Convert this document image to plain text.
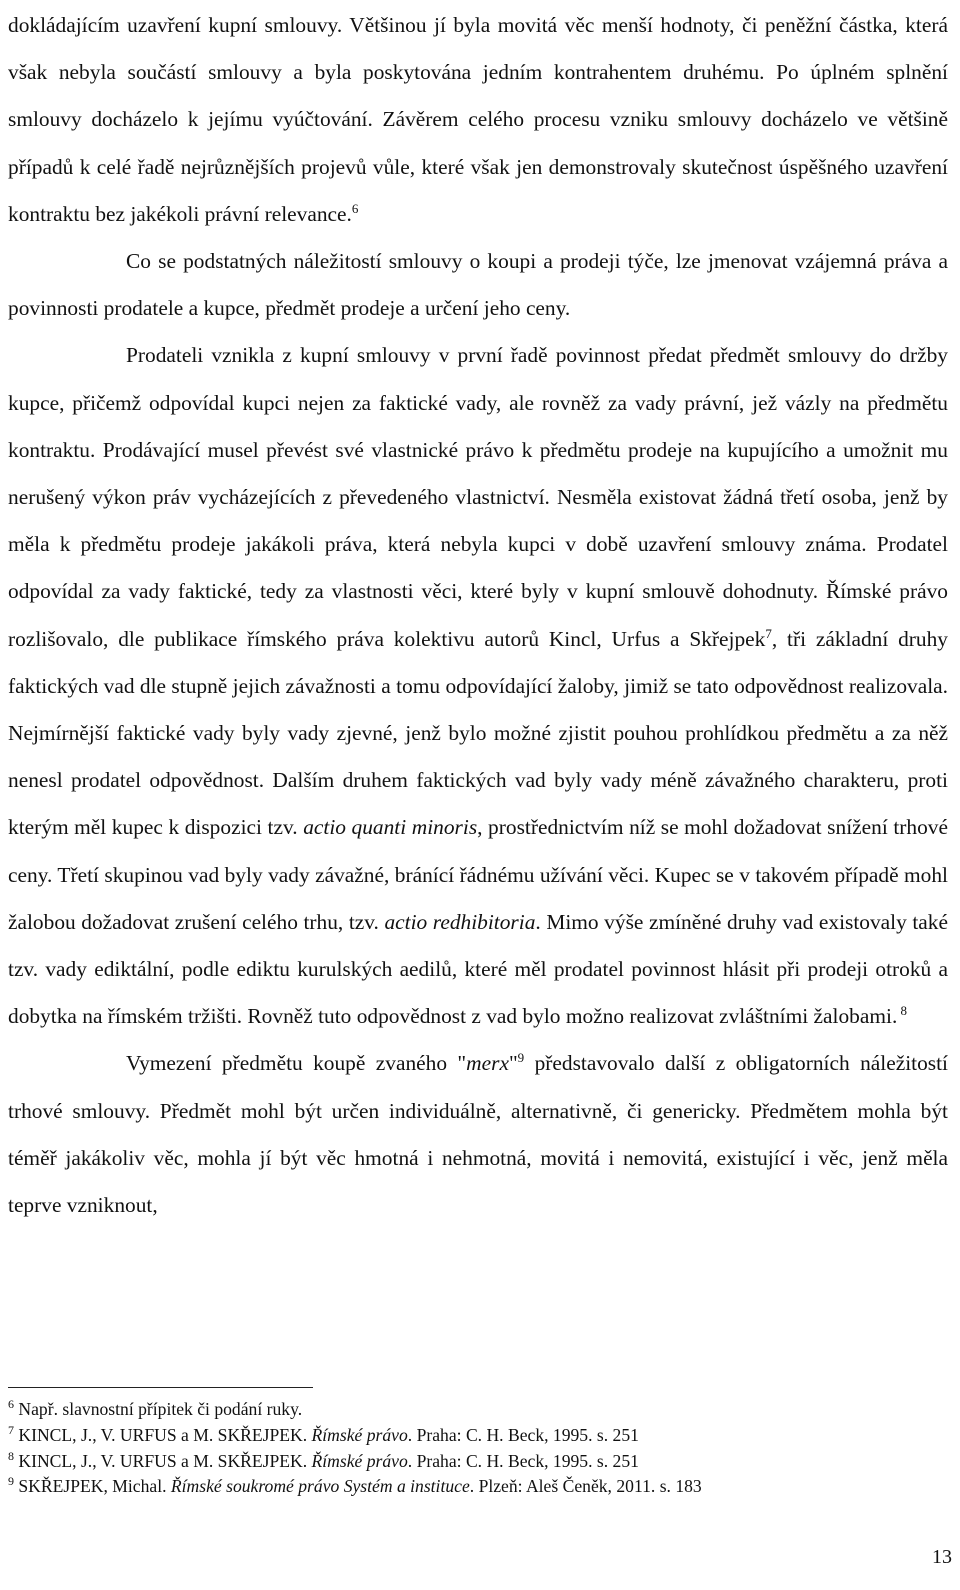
dokládajícím uzavření kupní smlouvy. Většinou jí byla movitá věc menší hodnoty, či peněžní částka, která však nebyla součástí smlouvy a byla poskytována jedním kontrahentem druhému. Po úplném splnění smlouvy docházelo k jejímu vyúčtování. Závěrem celého procesu vzniku smlouvy docházelo ve většině případů k celé řadě nejrůznějších projevů vůle, které však jen demonstrovaly skutečnost úspěšného uzavření kontraktu bez jakékoli právní relevance.$^6$

Co se podstatných náležitostí smlouvy o koupi a prodeji týče, lze jmenovat vzájemná práva a povinnosti prodatele a kupce, předmět prodeje a určení jeho ceny.

Prodateli vznikla z kupní smlouvy v první řadě povinnost předat předmět smlouvy do držby kupce, přičemž odpovídal kupci nejen za faktické vady, ale rovněž za vady právní, jež vázly na předmětu kontraktu. Prodávající musel převést své vlastnické právo k předmětu prodeje na kupujícího a umožnit mu nerušený výkon práv vycházejících z převedeného vlastnictví. Nesměla existovat žádná třetí osoba, jenž by měla k předmětu prodeje jakákoli práva, která nebyla kupci v době uzavření smlouvy známa. Prodatel odpovídal za vady faktické, tedy za vlastnosti věci, které byly v kupní smlouvě dohodnuty. Římské právo rozlišovalo, dle publikace římského práva kolektivu autorů Kincl, Urfus a Skřejpek$^7$, tři základní druhy faktických vad dle stupně jejich závažnosti a tomu odpovídající žaloby, jimiž se tato odpovědnost realizovala. Nejmírnější faktické vady byly vady zjevné, jenž bylo možné zjistit pouhou prohlídkou předmětu a za něž nenesl prodatel odpovědnost. Dalším druhem faktických vad byly vady méně závažného charakteru, proti kterým měl kupec k dispozici tzv. actio quanti minoris, prostřednictvím níž se mohl dožadovat snížení trhové ceny. Třetí skupinou vad byly vady závažné, bránící řádnému užívání věci. Kupec se v takovém případě mohl žalobou dožadovat zrušení celého trhu, tzv. actio redhibitoria. Mimo výše zmíněné druhy vad existovaly také tzv. vady ediktální, podle ediktu kurulských aedilů, které měl prodatel povinnost hlásit při prodeji otroků a dobytka na římském tržišti. Rovněž tuto odpovědnost z vad bylo možno realizovat zvláštními žalobami. $^8$

Vymezení předmětu koupě zvaného "merx"$^9$ představovalo další z obligatorních náležitostí trhové smlouvy. Předmět mohl být určen individuálně, alternativně, či genericky. Předmětem mohla být téměř jakákoliv věc, mohla jí být věc hmotná i nehmotná, movitá i nemovitá, existující i věc, jenž měla teprve vzniknout,

$^6$ Např. slavnostní přípitek či podání ruky.
$^7$ KINCL, J., V. URFUS a M. SKŘEJPEK. Římské právo. Praha: C. H. Beck, 1995. s. 251
$^8$ KINCL, J., V. URFUS a M. SKŘEJPEK. Římské právo. Praha: C. H. Beck, 1995. s. 251
$^9$ SKŘEJPEK, Michal. Římské soukromé právo Systém a instituce. Plzeň: Aleš Čeněk, 2011. s. 183
13
